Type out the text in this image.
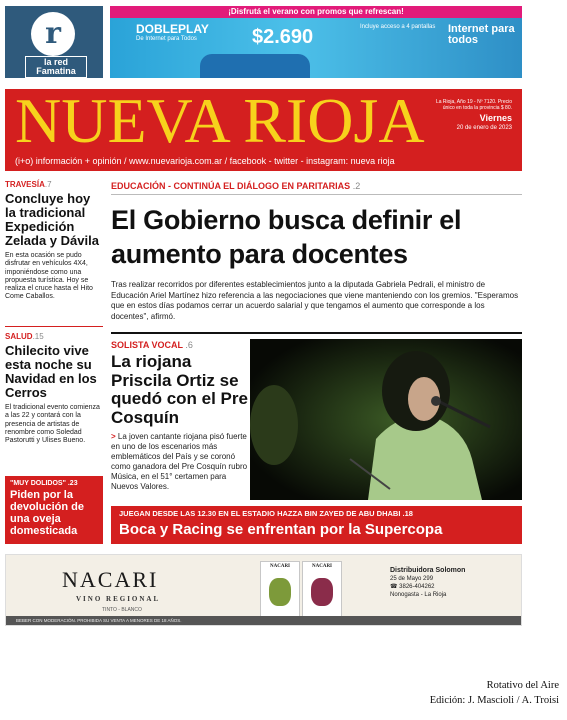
r
la red Famatina
¡Disfrutá el verano con promos que refrescan!
DOBLEPLAY
De Internet para Todos	$2.690	Incluye acceso a 4 pantallas	Internet para todos
NUEVA RIOJA	La Rioja, Año 19 - Nº 7120. Precio único en toda la provincia $ 80.
Viernes
20 de enero de 2023
(i+o) información + opinión / www.nuevarioja.com.ar / facebook - twitter - instagram: nueva rioja
TRAVESÍA.7
Concluye hoy la tradicional Expedición Zelada y Dávila
En esta ocasión se pudo disfrutar en vehículos 4X4, imponiéndose como una propuesta turística. Hoy se realiza el cruce hasta el Hito Come Caballos.
SALUD.15
Chilecito vive esta noche su Navidad en los Cerros
El tradicional evento comienza a las 22 y contará con la presencia de artistas de renombre como Soledad Pastorutti y Ulises Bueno.
"MUY DOLIDOS" .23
Piden por la devolución de una oveja domesticada
EDUCACIÓN - CONTINÚA EL DIÁLOGO EN PARITARIAS .2
El Gobierno busca definir el aumento para docentes
Tras realizar recorridos por diferentes establecimientos junto a la diputada Gabriela Pedrali, el ministro de Educación Ariel Martínez hizo referencia a las negociaciones que viene manteniendo con los gremios. "Esperamos que en estos días podamos cerrar un acuerdo salarial y que tengamos el aumento que corresponde a los docentes", afirmó.
SOLISTA VOCAL .6
La riojana Priscila Ortiz se quedó con el Pre Cosquín
> La joven cantante riojana pisó fuerte en uno de los escenarios más emblemáticos del País y se coronó como ganadora del Pre Cosquín rubro Música, en el 51° certamen para Nuevos Valores.
JUEGAN DESDE LAS 12.30 EN EL ESTADIO HAZZA BIN ZAYED DE ABU DHABI .18
Boca y Racing se enfrentan por la Supercopa
NACARI
VINO REGIONAL
TINTO - BLANCO
NACARI	NACARI
Distribuidora Solomon
25 de Mayo 299
☎ 3826-404262
Nonogasta - La Rioja
BEBER CON MODERACIÓN. PROHIBIDA SU VENTA A MENORES DE 18 AÑOS.
Rotativo del Aire
Edición: J. Mascioli / A. Troisi
